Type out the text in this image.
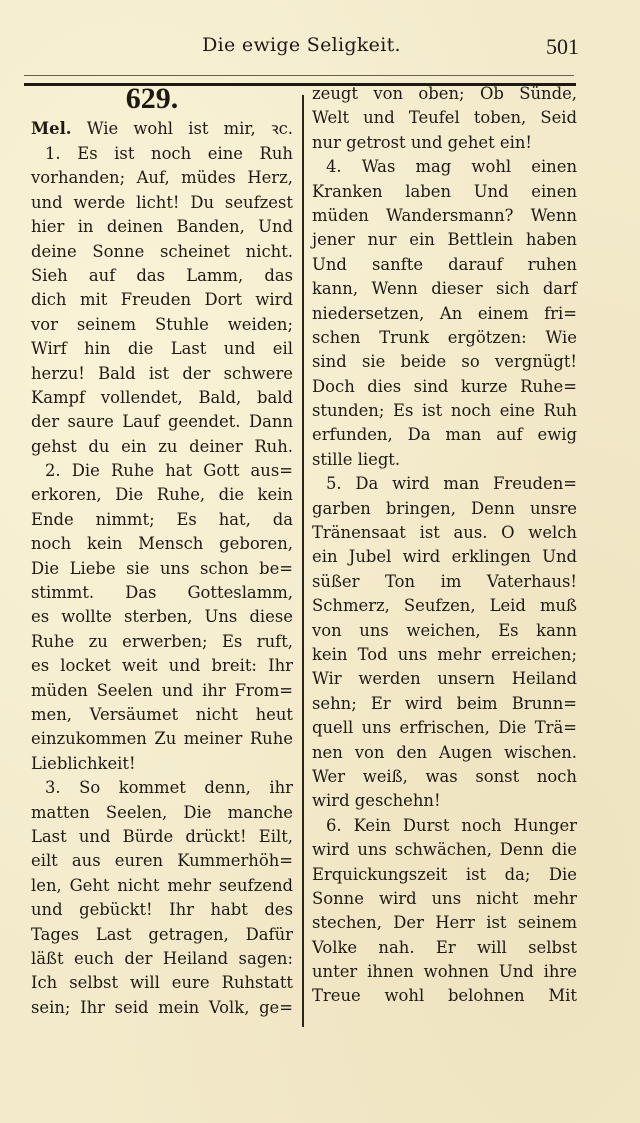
Die ewige Seligkeit.	501
629.
Mel. Wie wohl ist mir, ꝛc.
1. Es ist noch eine Ruh
vorhanden; Auf, müdes Herz,
und werde licht! Du seufzest
hier in deinen Banden, Und
deine Sonne scheinet nicht.
Sieh auf das Lamm, das
dich mit Freuden Dort wird
vor seinem Stuhle weiden;
Wirf hin die Last und eil
herzu! Bald ist der schwere
Kampf vollendet, Bald, bald
der saure Lauf geendet. Dann
gehst du ein zu deiner Ruh.
2. Die Ruhe hat Gott aus=
erkoren, Die Ruhe, die kein
Ende nimmt; Es hat, da
noch kein Mensch geboren,
Die Liebe sie uns schon be=
stimmt. Das Gotteslamm,
es wollte sterben, Uns diese
Ruhe zu erwerben; Es ruft,
es locket weit und breit: Ihr
müden Seelen und ihr From=
men, Versäumet nicht heut
einzukommen Zu meiner Ruhe
Lieblichkeit!
3. So kommet denn, ihr
matten Seelen, Die manche
Last und Bürde drückt! Eilt,
eilt aus euren Kummerhöh=
len, Geht nicht mehr seufzend
und gebückt! Ihr habt des
Tages Last getragen, Dafür
läßt euch der Heiland sagen:
Ich selbst will eure Ruhstatt
sein; Ihr seid mein Volk, ge=
zeugt von oben; Ob Sünde,
Welt und Teufel toben, Seid
nur getrost und gehet ein!
4. Was mag wohl einen
Kranken laben Und einen
müden Wandersmann? Wenn
jener nur ein Bettlein haben
Und sanfte darauf ruhen
kann, Wenn dieser sich darf
niedersetzen, An einem fri=
schen Trunk ergötzen: Wie
sind sie beide so vergnügt!
Doch dies sind kurze Ruhe=
stunden; Es ist noch eine Ruh
erfunden, Da man auf ewig
stille liegt.
5. Da wird man Freuden=
garben bringen, Denn unsre
Tränensaat ist aus. O welch
ein Jubel wird erklingen Und
süßer Ton im Vaterhaus!
Schmerz, Seufzen, Leid muß
von uns weichen, Es kann
kein Tod uns mehr erreichen;
Wir werden unsern Heiland
sehn; Er wird beim Brunn=
quell uns erfrischen, Die Trä=
nen von den Augen wischen.
Wer weiß, was sonst noch
wird geschehn!
6. Kein Durst noch Hunger
wird uns schwächen, Denn die
Erquickungszeit ist da; Die
Sonne wird uns nicht mehr
stechen, Der Herr ist seinem
Volke nah. Er will selbst
unter ihnen wohnen Und ihre
Treue wohl belohnen Mit
